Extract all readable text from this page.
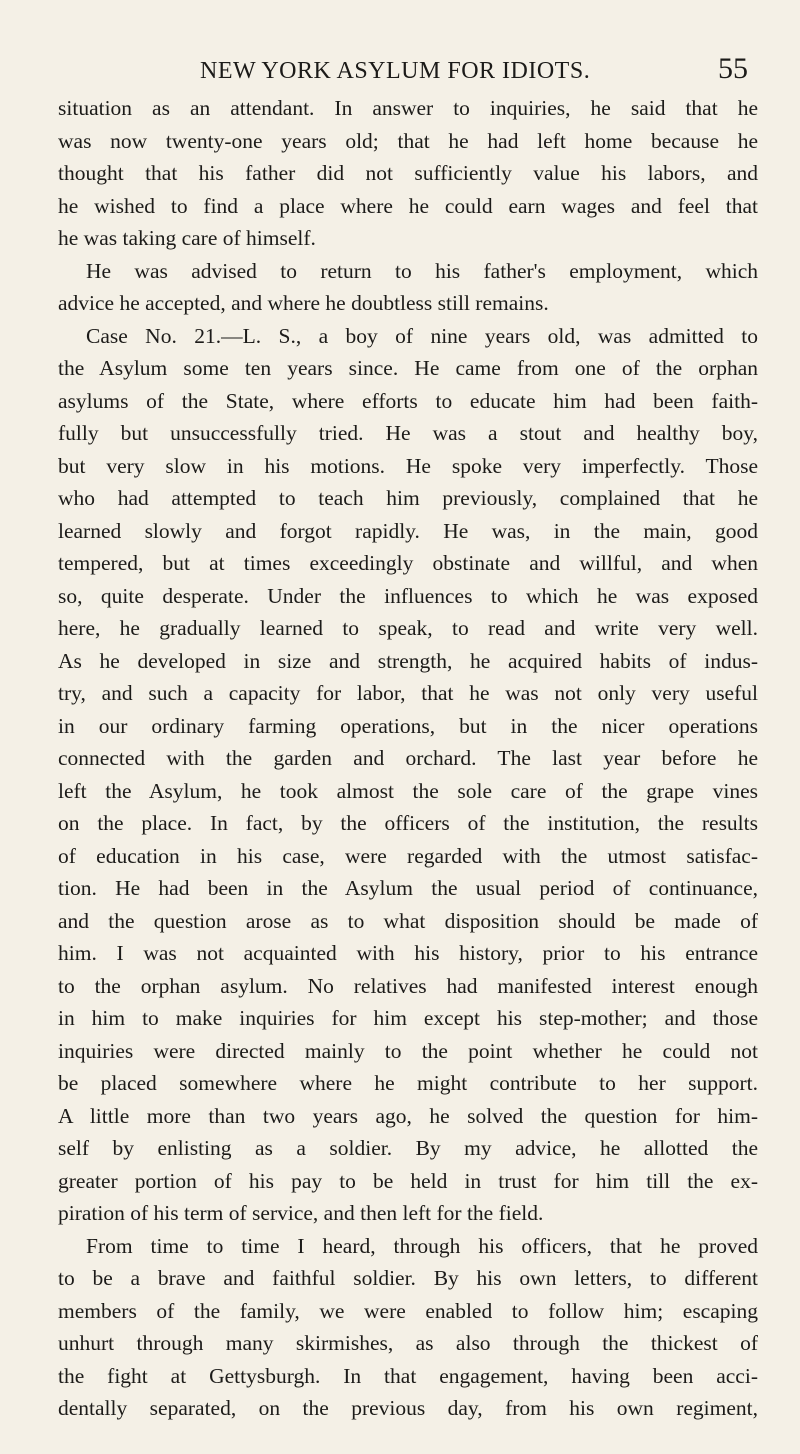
NEW YORK ASYLUM FOR IDIOTS.	55
situation as an attendant. In answer to inquiries, he said that he
was now twenty-one years old; that he had left home because he
thought that his father did not sufficiently value his labors, and
he wished to find a place where he could earn wages and feel that
he was taking care of himself.
He was advised to return to his father's employment, which
advice he accepted, and where he doubtless still remains.
Case No. 21.—L. S., a boy of nine years old, was admitted to
the Asylum some ten years since. He came from one of the orphan
asylums of the State, where efforts to educate him had been faith-
fully but unsuccessfully tried. He was a stout and healthy boy,
but very slow in his motions. He spoke very imperfectly. Those
who had attempted to teach him previously, complained that he
learned slowly and forgot rapidly. He was, in the main, good
tempered, but at times exceedingly obstinate and willful, and when
so, quite desperate. Under the influences to which he was exposed
here, he gradually learned to speak, to read and write very well.
As he developed in size and strength, he acquired habits of indus-
try, and such a capacity for labor, that he was not only very useful
in our ordinary farming operations, but in the nicer operations
connected with the garden and orchard. The last year before he
left the Asylum, he took almost the sole care of the grape vines
on the place. In fact, by the officers of the institution, the results
of education in his case, were regarded with the utmost satisfac-
tion. He had been in the Asylum the usual period of continuance,
and the question arose as to what disposition should be made of
him. I was not acquainted with his history, prior to his entrance
to the orphan asylum. No relatives had manifested interest enough
in him to make inquiries for him except his step-mother; and those
inquiries were directed mainly to the point whether he could not
be placed somewhere where he might contribute to her support.
A little more than two years ago, he solved the question for him-
self by enlisting as a soldier. By my advice, he allotted the
greater portion of his pay to be held in trust for him till the ex-
piration of his term of service, and then left for the field.
From time to time I heard, through his officers, that he proved
to be a brave and faithful soldier. By his own letters, to different
members of the family, we were enabled to follow him; escaping
unhurt through many skirmishes, as also through the thickest of
the fight at Gettysburgh. In that engagement, having been acci-
dentally separated, on the previous day, from his own regiment,
